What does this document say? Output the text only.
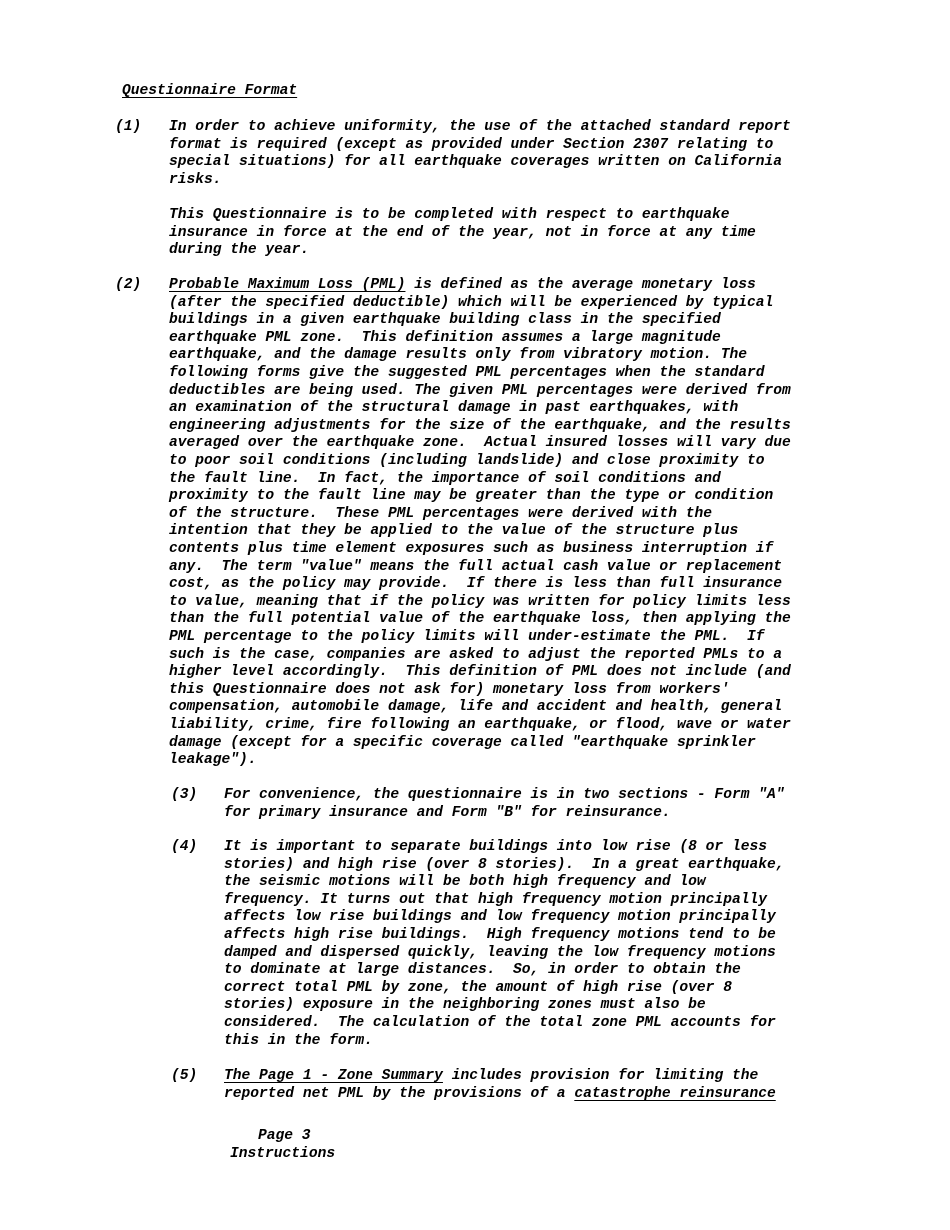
Questionnaire Format
(1) In order to achieve uniformity, the use of the attached standard report
format is required (except as provided under Section 2307 relating to
special situations) for all earthquake coverages written on California
risks.
This Questionnaire is to be completed with respect to earthquake
insurance in force at the end of the year, not in force at any time
during the year.
(2) Probable Maximum Loss (PML) is defined as the average monetary loss
(after the specified deductible) which will be experienced by typical
buildings in a given earthquake building class in the specified
earthquake PML zone.  This definition assumes a large magnitude
earthquake, and the damage results only from vibratory motion. The
following forms give the suggested PML percentages when the standard
deductibles are being used. The given PML percentages were derived from
an examination of the structural damage in past earthquakes, with
engineering adjustments for the size of the earthquake, and the results
averaged over the earthquake zone.  Actual insured losses will vary due
to poor soil conditions (including landslide) and close proximity to
the fault line.  In fact, the importance of soil conditions and
proximity to the fault line may be greater than the type or condition
of the structure.  These PML percentages were derived with the
intention that they be applied to the value of the structure plus
contents plus time element exposures such as business interruption if
any.  The term "value" means the full actual cash value or replacement
cost, as the policy may provide.  If there is less than full insurance
to value, meaning that if the policy was written for policy limits less
than the full potential value of the earthquake loss, then applying the
PML percentage to the policy limits will under-estimate the PML.  If
such is the case, companies are asked to adjust the reported PMLs to a
higher level accordingly.  This definition of PML does not include (and
this Questionnaire does not ask for) monetary loss from workers'
compensation, automobile damage, life and accident and health, general
liability, crime, fire following an earthquake, or flood, wave or water
damage (except for a specific coverage called "earthquake sprinkler
leakage").
(3) For convenience, the questionnaire is in two sections - Form "A"
for primary insurance and Form "B" for reinsurance.
(4) It is important to separate buildings into low rise (8 or less
stories) and high rise (over 8 stories).  In a great earthquake,
the seismic motions will be both high frequency and low
frequency. It turns out that high frequency motion principally
affects low rise buildings and low frequency motion principally
affects high rise buildings.  High frequency motions tend to be
damped and dispersed quickly, leaving the low frequency motions
to dominate at large distances.  So, in order to obtain the
correct total PML by zone, the amount of high rise (over 8
stories) exposure in the neighboring zones must also be
considered.  The calculation of the total zone PML accounts for
this in the form.
(5) The Page 1 - Zone Summary includes provision for limiting the
reported net PML by the provisions of a catastrophe reinsurance
Page 3
Instructions
